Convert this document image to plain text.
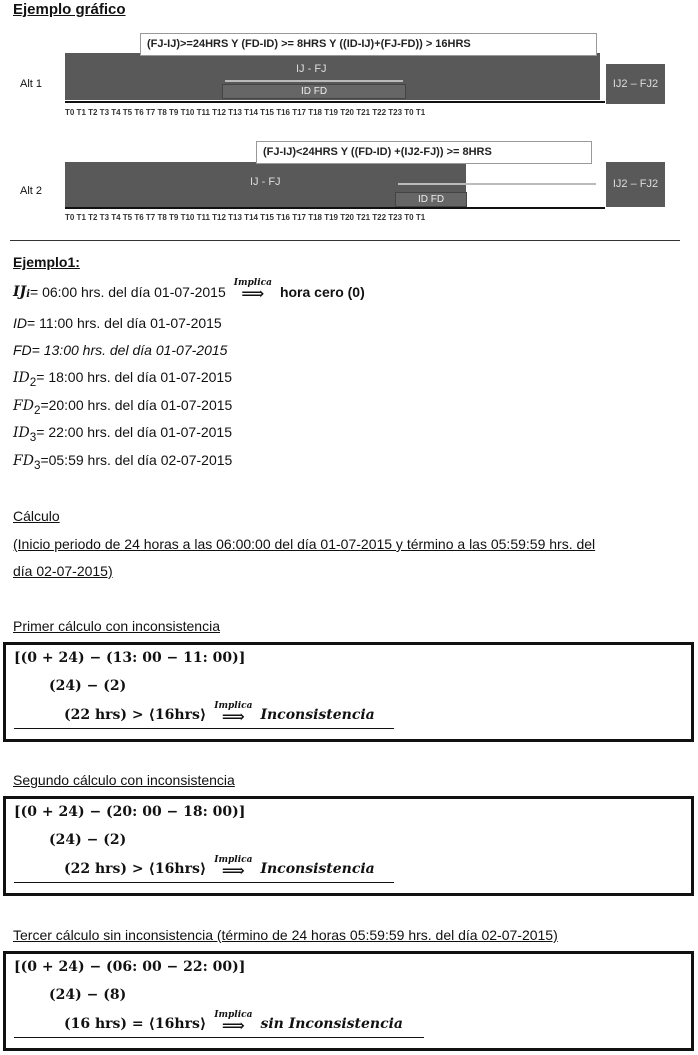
Ejemplo gráfico
Alt 1
(FJ-IJ)>=24HRS Y (FD-ID) >= 8HRS Y ((ID-IJ)+(FJ-FD)) > 16HRS
IJ - FJ
ID FD
IJ2 – FJ2
T0 T1 T2 T3 T4 T5 T6 T7 T8 T9 T10 T11 T12 T13 T14 T15 T16 T17 T18 T19 T20 T21 T22 T23 T0 T1
Alt 2
(FJ-IJ)<24HRS Y ((FD-ID) +(IJ2-FJ)) >= 8HRS
IJ - FJ
ID FD
IJ2 – FJ2
T0 T1 T2 T3 T4 T5 T6 T7 T8 T9 T10 T11 T12 T13 T14 T15 T16 T17 T18 T19 T20 T21 T22 T23 T0 T1
Ejemplo1:
IJ i = 06:00 hrs. del día 01-07-2015
Implica
⟹ hora cero (0)
ID= 11:00 hrs. del día 01-07-2015
FD= 13:00 hrs. del día 01-07-2015
$ID_2=$ 18:00 hrs. del día 01-07-2015
$FD_2=20:00$ hrs. del día 01-07-2015
$ID_3=$ 22:00 hrs. del día 01-07-2015
$FD_3=05:59$ hrs. del día 02-07-2015
Cálculo
(Inicio periodo de 24 horas a las 06:00:00 del día 01-07-2015 y término a las 05:59:59 hrs. del
día 02-07-2015)
Primer cálculo con inconsistencia
[(0 + 24) − (13: 00 − 11: 00)]
(24) − (2)
(22 hrs) > ⟨16hrs⟩
Implica
⟹ Inconsistencia
Segundo cálculo con inconsistencia
[(0 + 24) − (20: 00 − 18: 00)]
(24) − (2)
(22 hrs) > ⟨16hrs⟩
Implica
⟹ Inconsistencia
Tercer cálculo sin inconsistencia (término de 24 horas 05:59:59 hrs. del día 02-07-2015)
[(0 + 24) − (06: 00 − 22: 00)]
(24) − (8)
(16 hrs) = ⟨16hrs⟩
Implica
⟹ sin Inconsistencia
